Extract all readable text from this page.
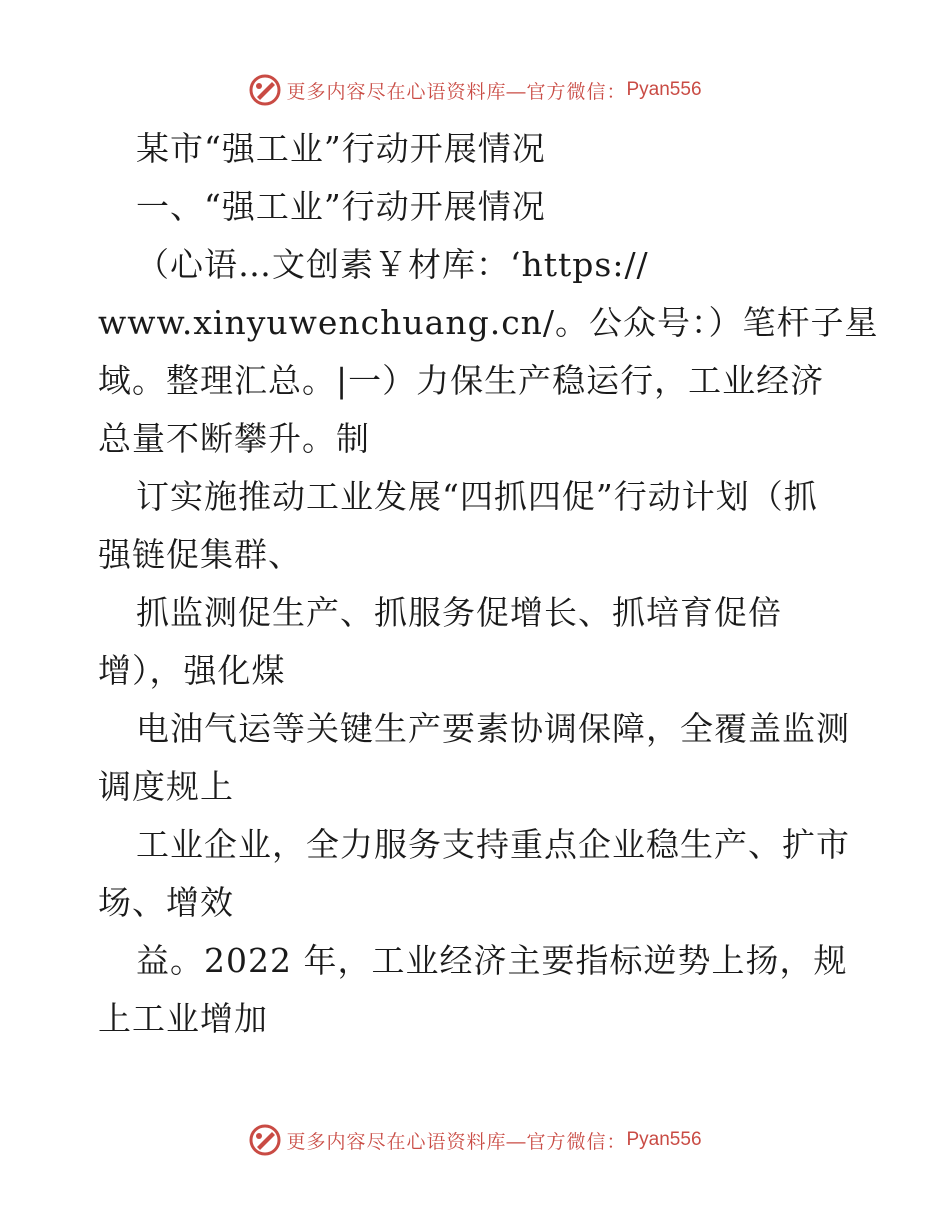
更多内容尽在心语资料库—官方微信： Pyan556
某市“强工业”行动开展情况
一、“强工业”行动开展情况
（心语…文创素￥材库：‘https://
www.xinyuwenchuang.cn/。公众号：）笔杆子星
域。整理汇总。|一）力保生产稳运行，工业经济
总量不断攀升。制
订实施推动工业发展“四抓四促”行动计划（抓
强链促集群、
抓监测促生产、抓服务促增长、抓培育促倍
增），强化煤
电油气运等关键生产要素协调保障，全覆盖监测
调度规上
工业企业，全力服务支持重点企业稳生产、扩市
场、增效
益。2022 年，工业经济主要指标逆势上扬，规
上工业增加
更多内容尽在心语资料库—官方微信： Pyan556
